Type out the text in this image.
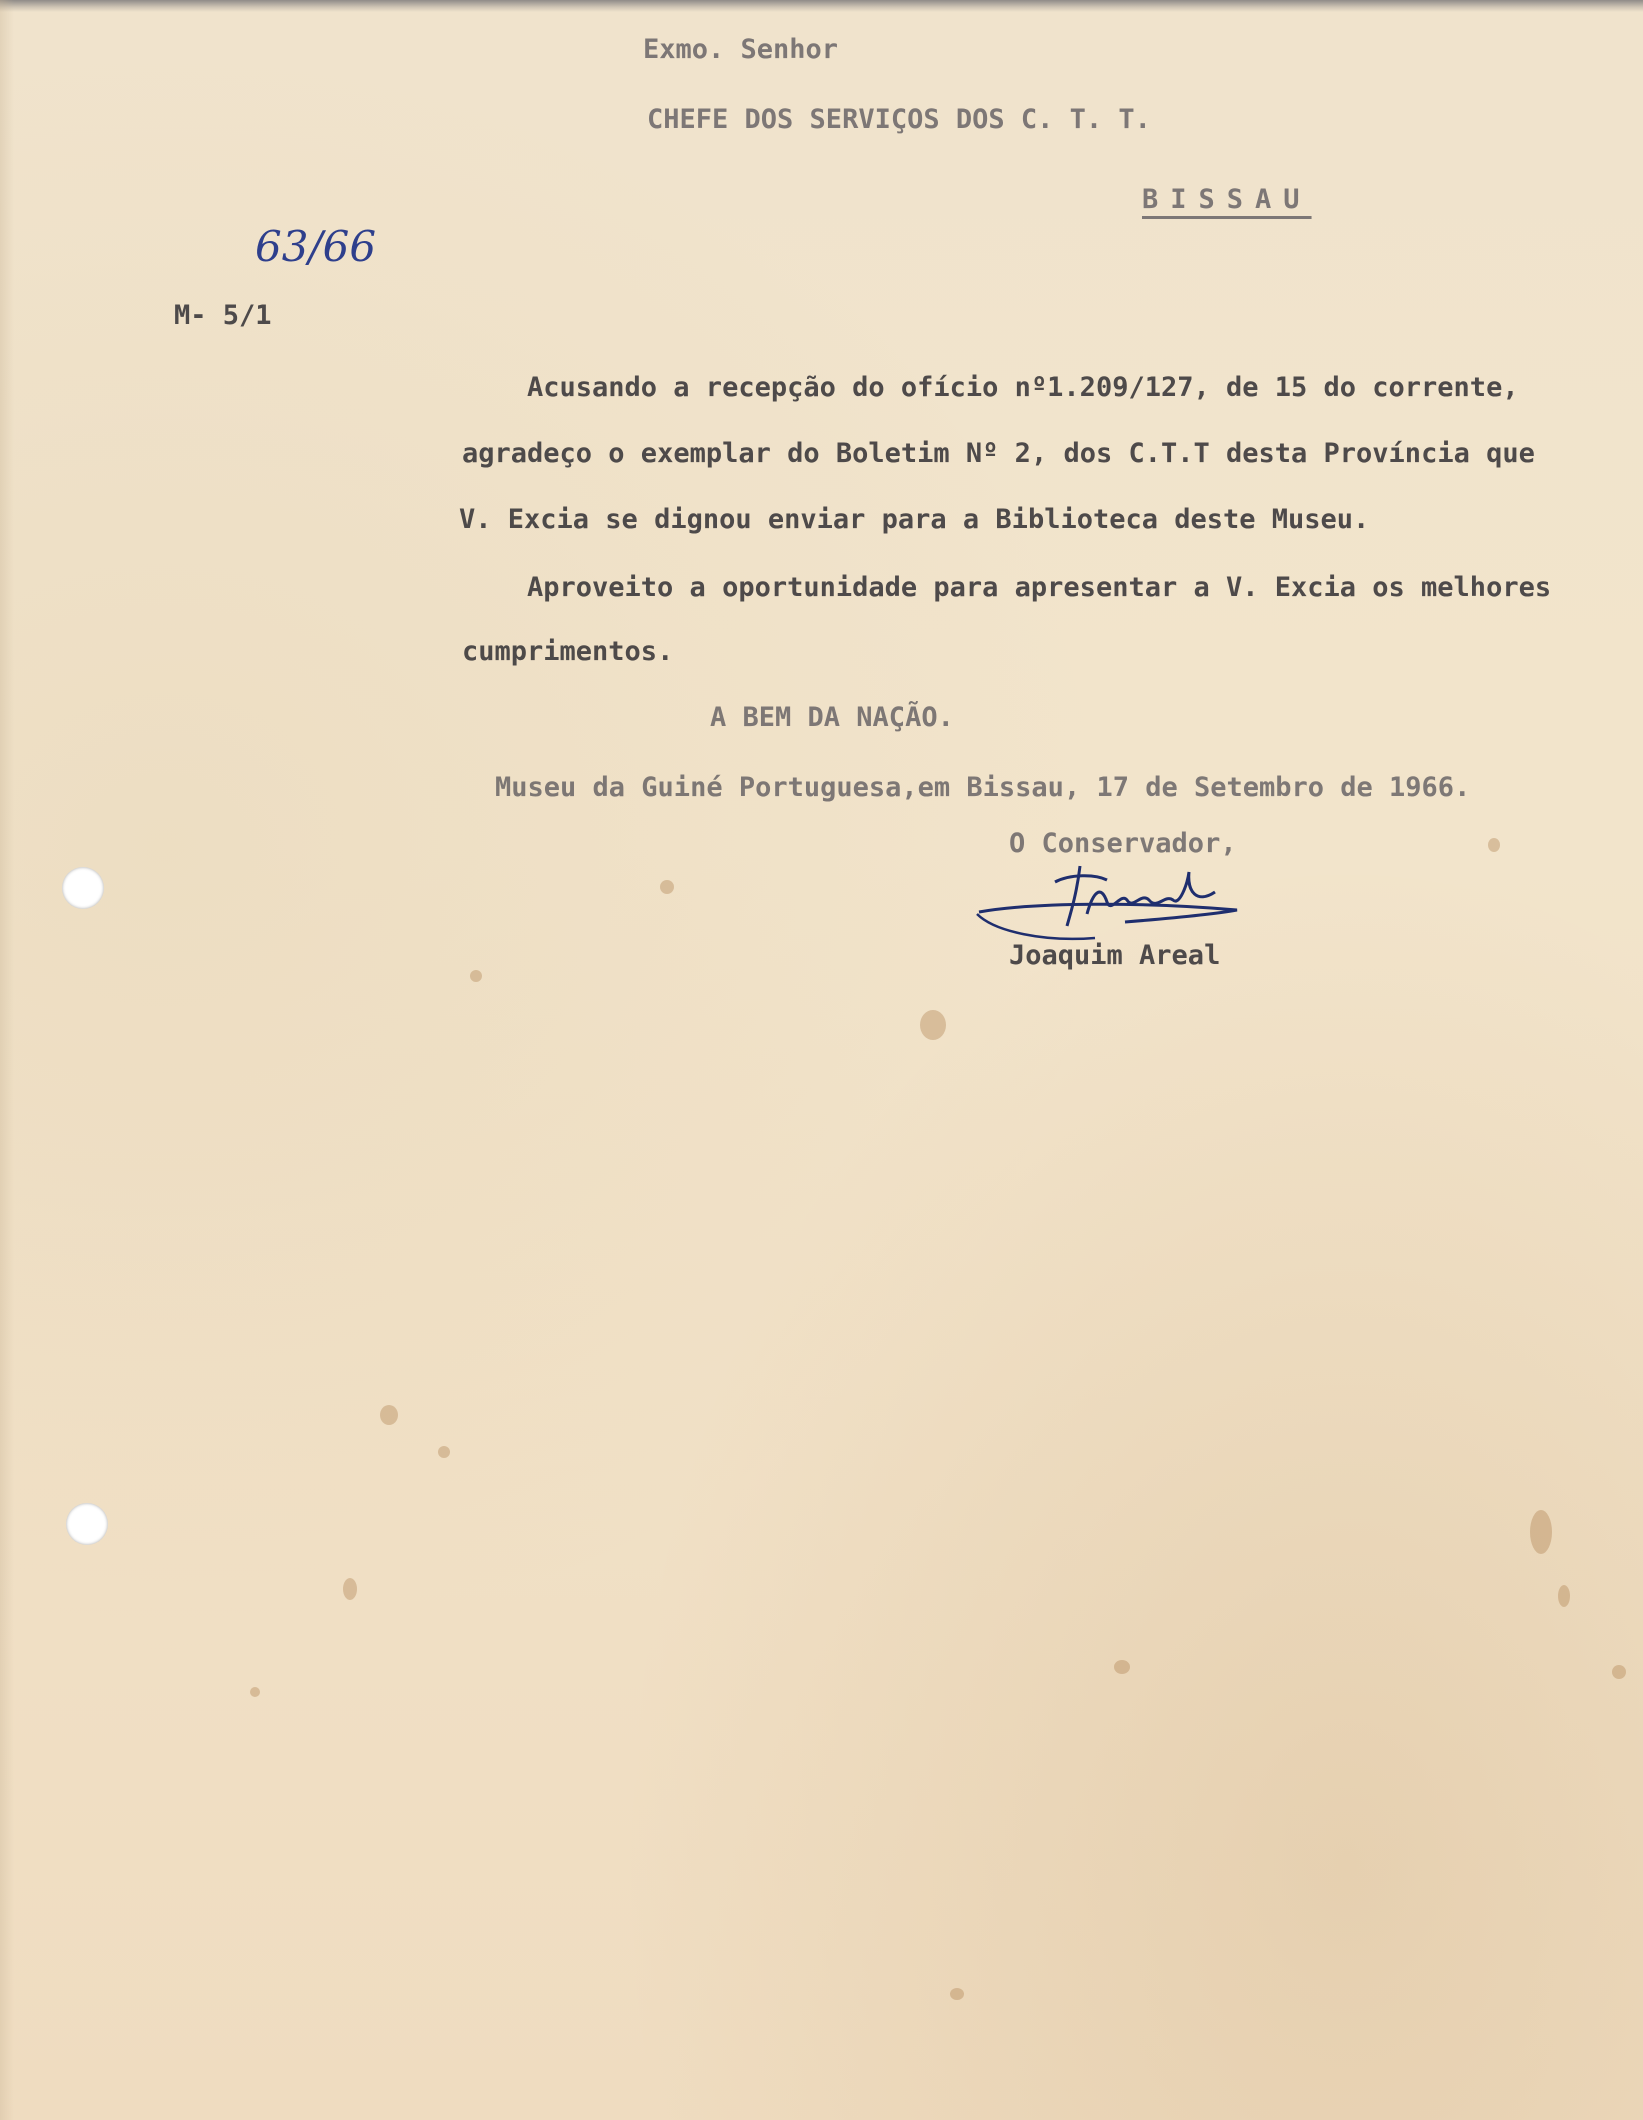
Exmo. Senhor
CHEFE DOS SERVIÇOS DOS C. T. T.
BISSAU
63/66
M- 5/1
Acusando a recepção do ofício nº1.209/127, de 15 do corrente,
agradeço o exemplar do Boletim Nº 2, dos C.T.T desta Província que
V. Excia se dignou enviar para a Biblioteca deste Museu.
Aproveito a oportunidade para apresentar a V. Excia os melhores
cumprimentos.
A BEM DA NAÇÃO.
Museu da Guiné Portuguesa,em Bissau, 17 de Setembro de 1966.
O Conservador,
Joaquim Areal
